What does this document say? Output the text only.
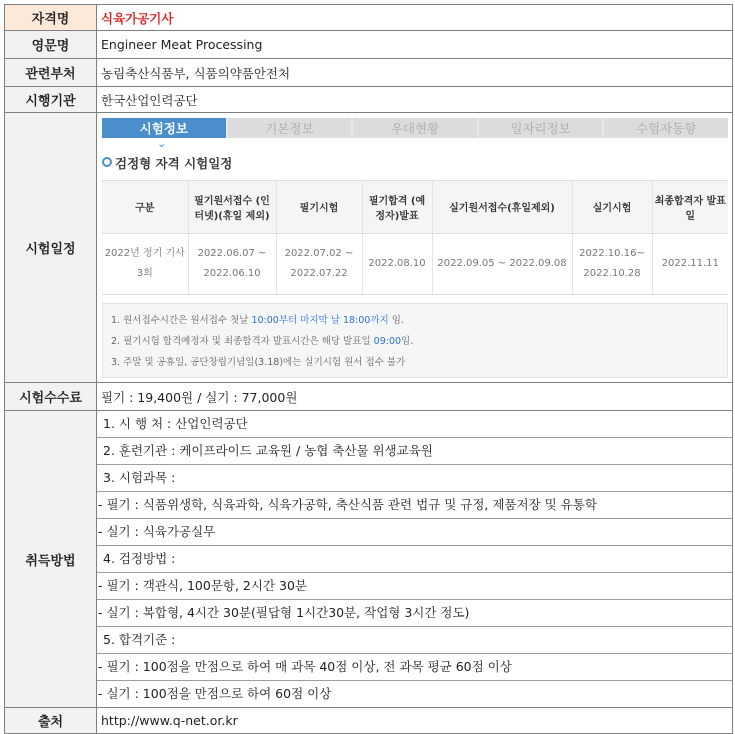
자격명	식육가공기사
영문명	Engineer Meat Processing
관련부처	농림축산식품부, 식품의약품안전처
시행기관	한국산업인력공단
시험일정	
시험정보	기본정보	우대현황	일자리정보	수험자동향
⌄
검정형 자격 시험일정
구분	필기원서접수 (인터넷)(휴일 제외)	필기시험	필기합격 (예정자)발표	실기원서접수(휴일제외)	실기시험	최종합격자 발표일
2022년 정기 기사 3회	2022.06.07 ~ 2022.06.10	2022.07.02 ~ 2022.07.22	2022.08.10	2022.09.05 ~ 2022.09.08	2022.10.16~ 2022.10.28	2022.11.11
1. 원서접수시간은 원서접수 첫날 10:00부터 마지막 날 18:00까지 임.
2. 필기시험 합격예정자 및 최종합격자 발표시간은 해당 발표일 09:00임.
3. 주말 및 공휴일, 공단창립기념일(3.18)에는 실기시험 원서 접수 불가

시험수수료	필기 : 19,400원 / 실기 : 77,000원
취득방법	
1. 시 행 처 : 산업인력공단
2. 훈련기관 : 케이프라이드 교육원 / 농협 축산물 위생교육원
3. 시험과목 :
- 필기 : 식품위생학, 식육과학, 식육가공학, 축산식품 관련 법규 및 규정, 제품저장 및 유통학
- 실기 : 식육가공실무
4. 검정방법 :
- 필기 : 객관식, 100문항, 2시간 30분
- 실기 : 복합형, 4시간 30분(필답형 1시간30분, 작업형 3시간 정도)
5. 합격기준 :
- 필기 : 100점을 만점으로 하여 매 과목 40점 이상, 전 과목 평균 60점 이상
- 실기 : 100점을 만점으로 하여 60점 이상

출처	http://www.q-net.or.kr
